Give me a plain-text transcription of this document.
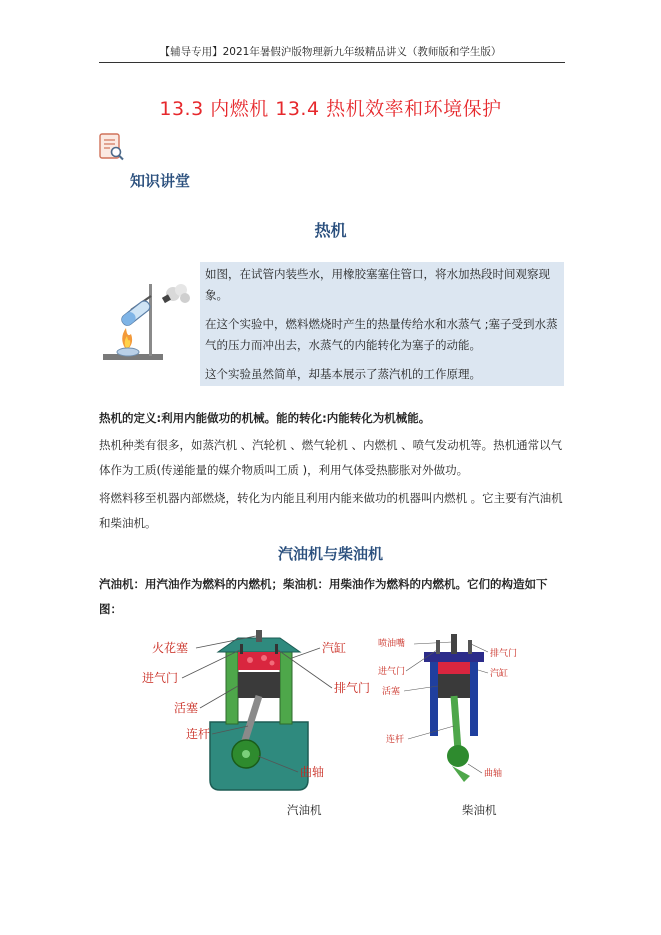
【辅导专用】2021年暑假沪版物理新九年级精品讲义（教师版和学生版）
13.3 内燃机 13.4 热机效率和环境保护
知识讲堂
热机
如图，在试管内装些水，用橡胶塞塞住管口，将水加热段时间观察现象。
在这个实验中，燃料燃烧时产生的热量传给水和水蒸气 ;塞子受到水蒸气的压力而冲出去，水蒸气的内能转化为塞子的动能。
这个实验虽然简单，却基本展示了蒸汽机的工作原理。
热机的定义:利用内能做功的机械。能的转化:内能转化为机械能。
热机种类有很多，如蒸汽机 、汽轮机 、燃气轮机 、内燃机 、喷气发动机等。热机通常以气体作为工质(传递能量的媒介物质叫工质 )，利用气体受热膨胀对外做功。
将燃料移至机器内部燃烧，转化为内能且利用内能来做功的机器叫内燃机 。它主要有汽油机和柴油机。
汽油机与柴油机
汽油机：用汽油作为燃料的内燃机；柴油机：用柴油作为燃料的内燃机。它们的构造如下图：
火花塞	汽缸
进气门
排气门
活塞
连杆
曲轴
喷油嘴
排气门
进气门	汽缸
活塞
连杆
曲轴
汽油机	柴油机
